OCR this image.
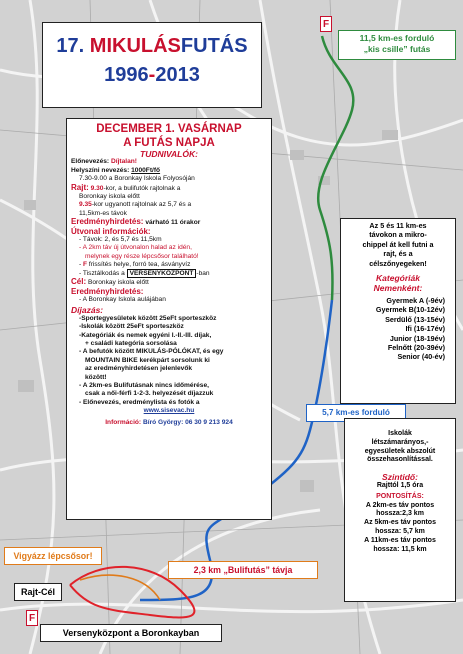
17. MIKULÁSFUTÁS
1996-2013
DECEMBER 1. VASÁRNAP
A FUTÁS NAPJA
TUDNIVALÓK:
Előnevezés: Díjtalan!
Helyszíni nevezés: 1000Ft/fő
7.30-9.00 a Boronkay Iskola Folyosóján
Rajt: 9.30-kor, a bulifutók rajtolnak a
Boronkay iskola előtt
9.35-kor ugyanott rajtolnak az 5,7 és a
11,5km-es távok
Eredményhirdetés: várható 11 órakor
Útvonal információk:
- Távok: 2, és 5,7 és 11,5km
- A 2km táv új útvonalon halad az idén,
melynek egy része lépcsősor található!
- F frissítés helye, forró tea, ásványvíz
- Tisztálkodás a VERSENYKÖZPONT -ban
Cél: Boronkay iskola előtt
Eredményhirdetés:
- A Boronkay Iskola aulájában
Díjazás:
-Sportegyesületek között 25eFt sporteszköz
-Iskolák között 25eFt sporteszköz
-Kategóriák és nemek egyéni I.-II.-III. díjak,
+ családi kategória sorsolása
- A befutók között MIKULÁS-PÓLÓKAT, és egy
MOUNTAIN BIKE kerékpárt sorsolunk ki
az eredményhirdetésen jelenlevők
között!
- A 2km-es Bulifutásnak nincs időmérése,
csak a női-férfi 1-2-3. helyezését díjazzuk
- Előnevezés, eredménylista és fotók a
www.sisevac.hu
Információ: Bíró György: 06 30 9 213 924
11,5 km-es forduló
„kis csille” futás
F
Az 5 és 11 km-es
távokon a mikro-
chippel át kell futni a
rajt, és a
célszőnyegeken!
Kategóriák
Nemenként:
Gyermek A (-9év)
Gyermek B(10-12év)
Serdülő (13-15év)
Ifi (16-17év)
Junior (18-19év)
Felnőtt (20-39év)
Senior (40-év)
5,7 km-es forduló
Iskolák
létszámarányos,-
egyesületek abszolút
összehasonlítással.
Szintidő:
Rajttól 1,5 óra
PONTOSÍTÁS:
A 2km-es táv pontos
hossza:2,3 km
Az 5km-es táv pontos
hossza: 5,7 km
A 11km-es táv pontos
hossza: 11,5 km
Vigyázz lépcsősor!
2,3 km „Bulifutás” távja
Rajt-Cél
F
Versenyközpont a Boronkayban
